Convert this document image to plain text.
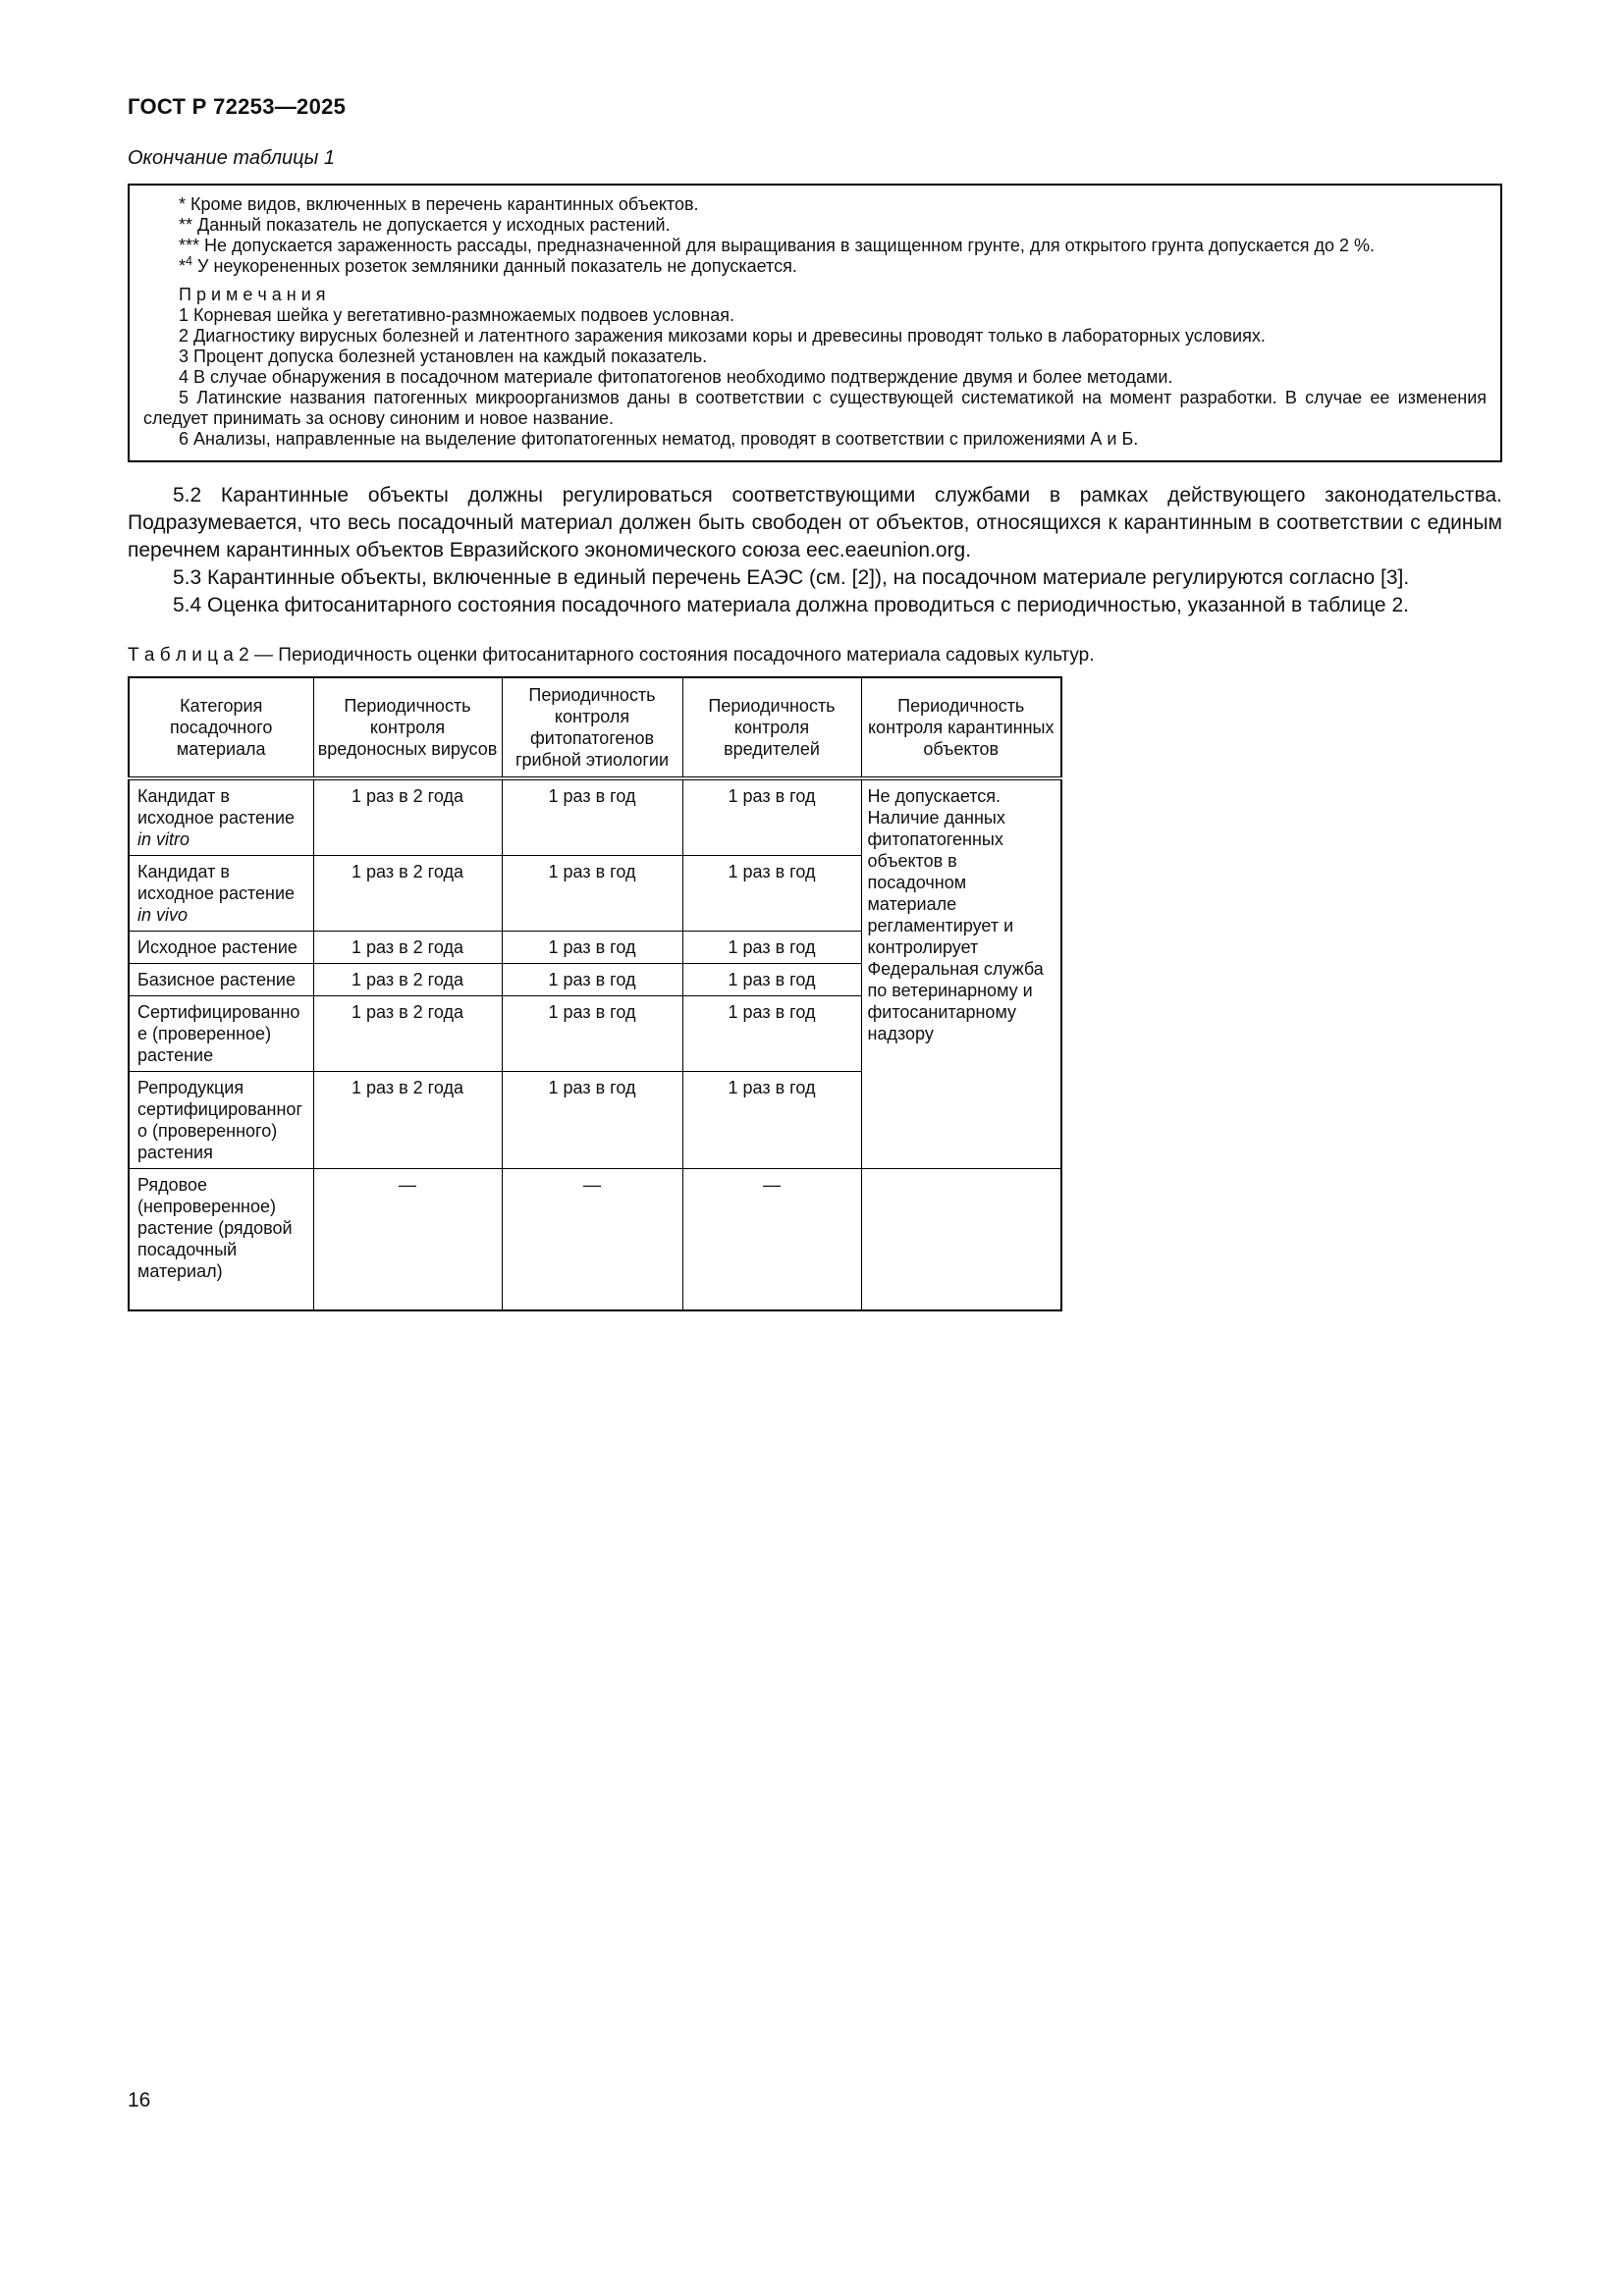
ГОСТ Р 72253—2025
Окончание таблицы 1

* Кроме видов, включенных в перечень карантинных объектов.

** Данный показатель не допускается у исходных растений.

*** Не допускается зараженность рассады, предназначенной для выращивания в защищенном грунте, для открытого грунта допускается до 2 %.

*$^4$ У неукорененных розеток земляники данный показатель не допускается.

П р и м е ч а н и я

1 Корневая шейка у вегетативно-размножаемых подвоев условная.

2 Диагностику вирусных болезней и латентного заражения микозами коры и древесины проводят только в лабораторных условиях.

3 Процент допуска болезней установлен на каждый показатель.

4 В случае обнаружения в посадочном материале фитопатогенов необходимо подтверждение двумя и более методами.

5 Латинские названия патогенных микроорганизмов даны в соответствии с существующей систематикой на момент разработки. В случае ее изменения следует принимать за основу синоним и новое название.

6 Анализы, направленные на выделение фитопатогенных нематод, проводят в соответствии с приложениями А и Б.

5.2 Карантинные объекты должны регулироваться соответствующими службами в рамках действующего законодательства. Подразумевается, что весь посадочный материал должен быть свободен от объектов, относящихся к карантинным в соответствии с единым перечнем карантинных объектов Евразийского экономического союза eec.eaeunion.org.

5.3 Карантинные объекты, включенные в единый перечень ЕАЭС (см. [2]), на посадочном материале регулируются согласно [3].

5.4 Оценка фитосанитарного состояния посадочного материала должна проводиться с периодичностью, указанной в таблице 2.

Т а б л и ц а 2 — Периодичность оценки фитосанитарного состояния посадочного материала садовых культур.

Категория посадочного материала	Периодичность контроля вредоносных вирусов	Периодичность контроля фитопатогенов грибной этиологии	Периодичность контроля вредителей	Периодичность контроля карантинных объектов
Кандидат в исходное растение in vitro	1 раз в 2 года	1 раз в год	1 раз в год	Не допускается. Наличие данных фитопатогенных объектов в посадочном материале регламентирует и контролирует Федеральная служба по ветеринарному и фитосанитарному надзору
Кандидат в исходное растение in vivo	1 раз в 2 года	1 раз в год	1 раз в год	
Исходное растение	1 раз в 2 года	1 раз в год	1 раз в год	
Базисное растение	1 раз в 2 года	1 раз в год	1 раз в год	
Сертифицированное (проверенное) растение	1 раз в 2 года	1 раз в год	1 раз в год	
Репродукция сертифицированного (проверенного) растения	1 раз в 2 года	1 раз в год	1 раз в год	
Рядовое (непроверенное) растение (рядовой посадочный материал)	—	—	—	
16
